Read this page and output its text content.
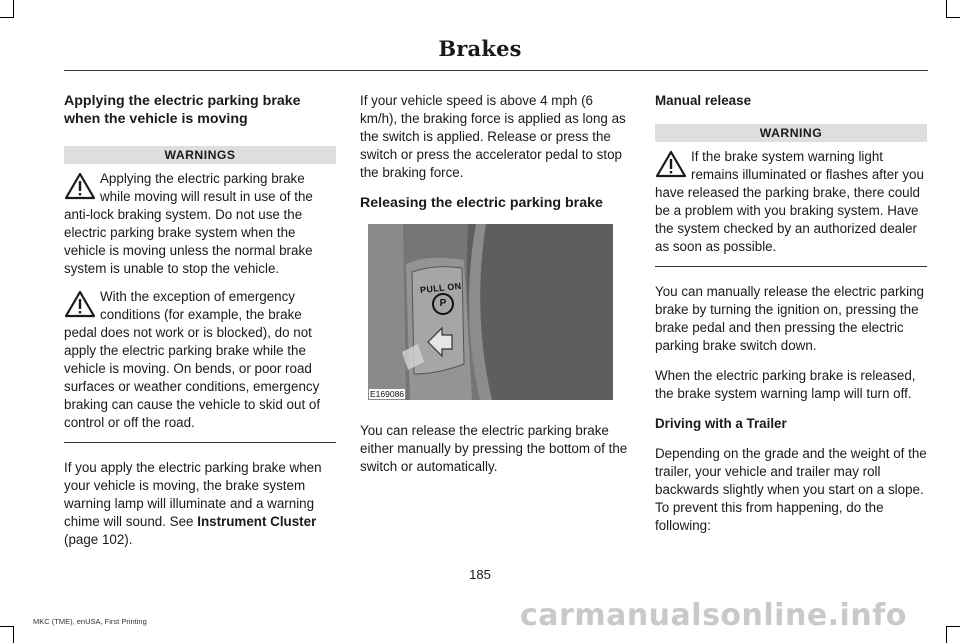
Brakes
Applying the electric parking brake when the vehicle is moving
WARNINGS
Applying the electric parking brake while moving will result in use of the anti-lock braking system. Do not use the electric parking brake system when the vehicle is moving unless the normal brake system is unable to stop the vehicle.
With the exception of emergency conditions (for example, the brake pedal does not work or is blocked), do not apply the electric parking brake while the vehicle is moving. On bends, or poor road surfaces or weather conditions, emergency braking can cause the vehicle to skid out of control or off the road.

If you apply the electric parking brake when your vehicle is moving, the brake system warning lamp will illuminate and a warning chime will sound. See Instrument Cluster (page 102).

If your vehicle speed is above 4 mph (6 km/h), the braking force is applied as long as the switch is applied. Release or press the switch or press the accelerator pedal to stop the braking force.

Releasing the electric parking brake
PULL ON
P
E169086

You can release the electric parking brake either manually by pressing the bottom of the switch or automatically.

Manual release
WARNING
If the brake system warning light remains illuminated or flashes after you have released the parking brake, there could be a problem with you braking system. Have the system checked by an authorized dealer as soon as possible.

You can manually release the electric parking brake by turning the ignition on, pressing the brake pedal and then pressing the electric parking brake switch down.

When the electric parking brake is released, the brake system warning lamp will turn off.

Driving with a Trailer

Depending on the grade and the weight of the trailer, your vehicle and trailer may roll backwards slightly when you start on a slope. To prevent this from happening, do the following:

185
MKC (TME), enUSA, First Printing	carmanualsonline.info
